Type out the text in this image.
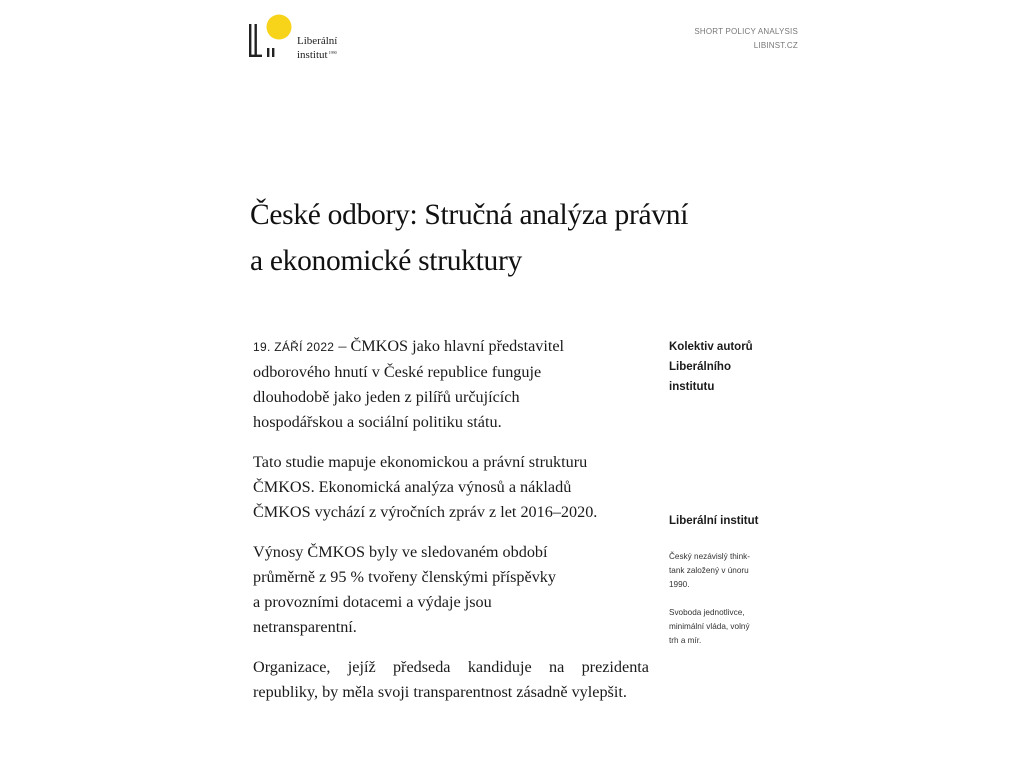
Liberální
institut$^{1990}$
SHORT POLICY ANALYSIS
LIBINST.CZ
České odbory: Stručná analýza právní
a ekonomické struktury

19. ZÁŘÍ 2022 – ČMKOS jako hlavní představitel
odborového hnutí v České republice funguje
dlouhodobě jako jeden z pilířů určujících
hospodářskou a sociální politiku státu.

Tato studie mapuje ekonomickou a právní strukturu
ČMKOS. Ekonomická analýza výnosů a nákladů
ČMKOS vychází z výročních zpráv z let 2016–2020.

Výnosy ČMKOS byly ve sledovaném období
průměrně z 95 % tvořeny členskými příspěvky
a provozními dotacemi a výdaje jsou
netransparentní.

Organizace, jejíž předseda kandiduje na prezidenta republiky, by měla svoji transparentnost zásadně vylepšit.

Kolektiv autorů
Liberálního
institutu
Liberální institut

Český nezávislý think-
tank založený v únoru
1990.

Svoboda jednotlivce,
minimální vláda, volný
trh a mír.
